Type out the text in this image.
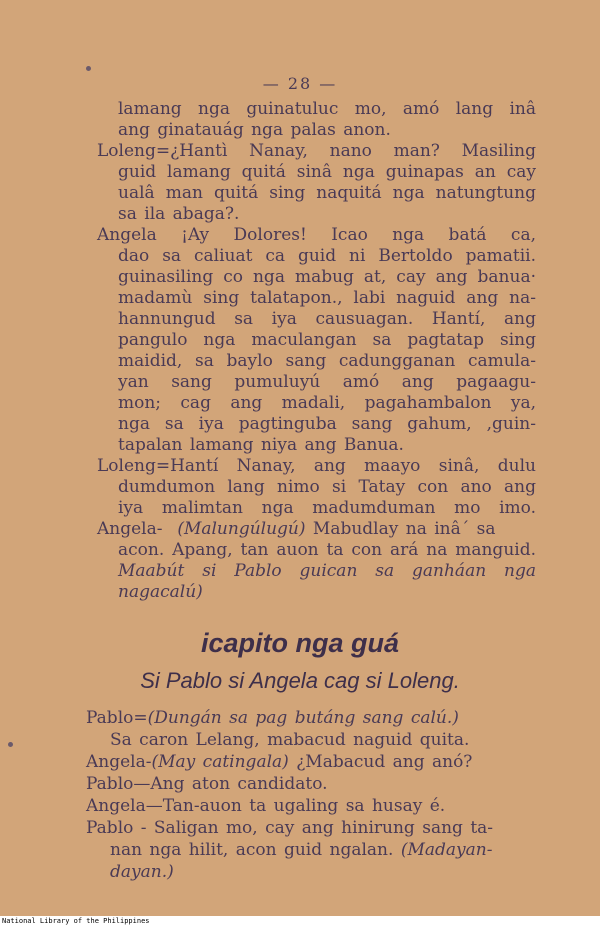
— 28 —
lamang nga guinatuluc mo, amó lang inâ
ang ginatauág nga palas anon.
Loleng=¿Hantì Nanay, nano man? Masiling
guid lamang quitá sinâ nga guinapas an cay
ualâ man quitá sing naquitá nga natungtung
sa ila abaga?.
Angela ¡Ay Dolores! Icao nga batá ca,
dao sa caliuat ca guid ni Bertoldo pamatii.
guinasiling co nga mabug at, cay ang banua·
madamù sing talatapon., labi naguid ang na-
hannungud sa iya causuagan. Hantí, ang
pangulo nga maculangan sa pagtatap sing
maidid, sa baylo sang cadungganan camula-
yan sang pumuluyú amó ang pagaagu-
mon; cag ang madali, pagahambalon ya,
nga sa iya pagtinguba sang gahum, ,guin-
tapalan lamang niya ang Banua.
Loleng=Hantí Nanay, ang maayo sinâ, dulu
dumdumon lang nimo si Tatay con ano ang
iya malimtan nga madumduman mo imo.
Angela- (Malungúlugú) Mabudlay na inâ´ sa
acon. Apang, tan auon ta con ará na manguid.
Maabút si Pablo guican sa ganháan nga
nagacalú)
icapito nga guá
Si Pablo si Angela cag si Loleng.
Pablo=(Dungán sa pag butáng sang calú.)
Sa caron Lelang, mabacud naguid quita.
Angela-(May catingala) ¿Mabacud ang anó?
Pablo—Ang aton candidato.
Angela—Tan-auon ta ugaling sa husay é.
Pablo - Saligan mo, cay ang hinirung sang ta-
nan nga hilit, acon guid ngalan. (Madayan-
dayan.)
National Library of the Philippines
